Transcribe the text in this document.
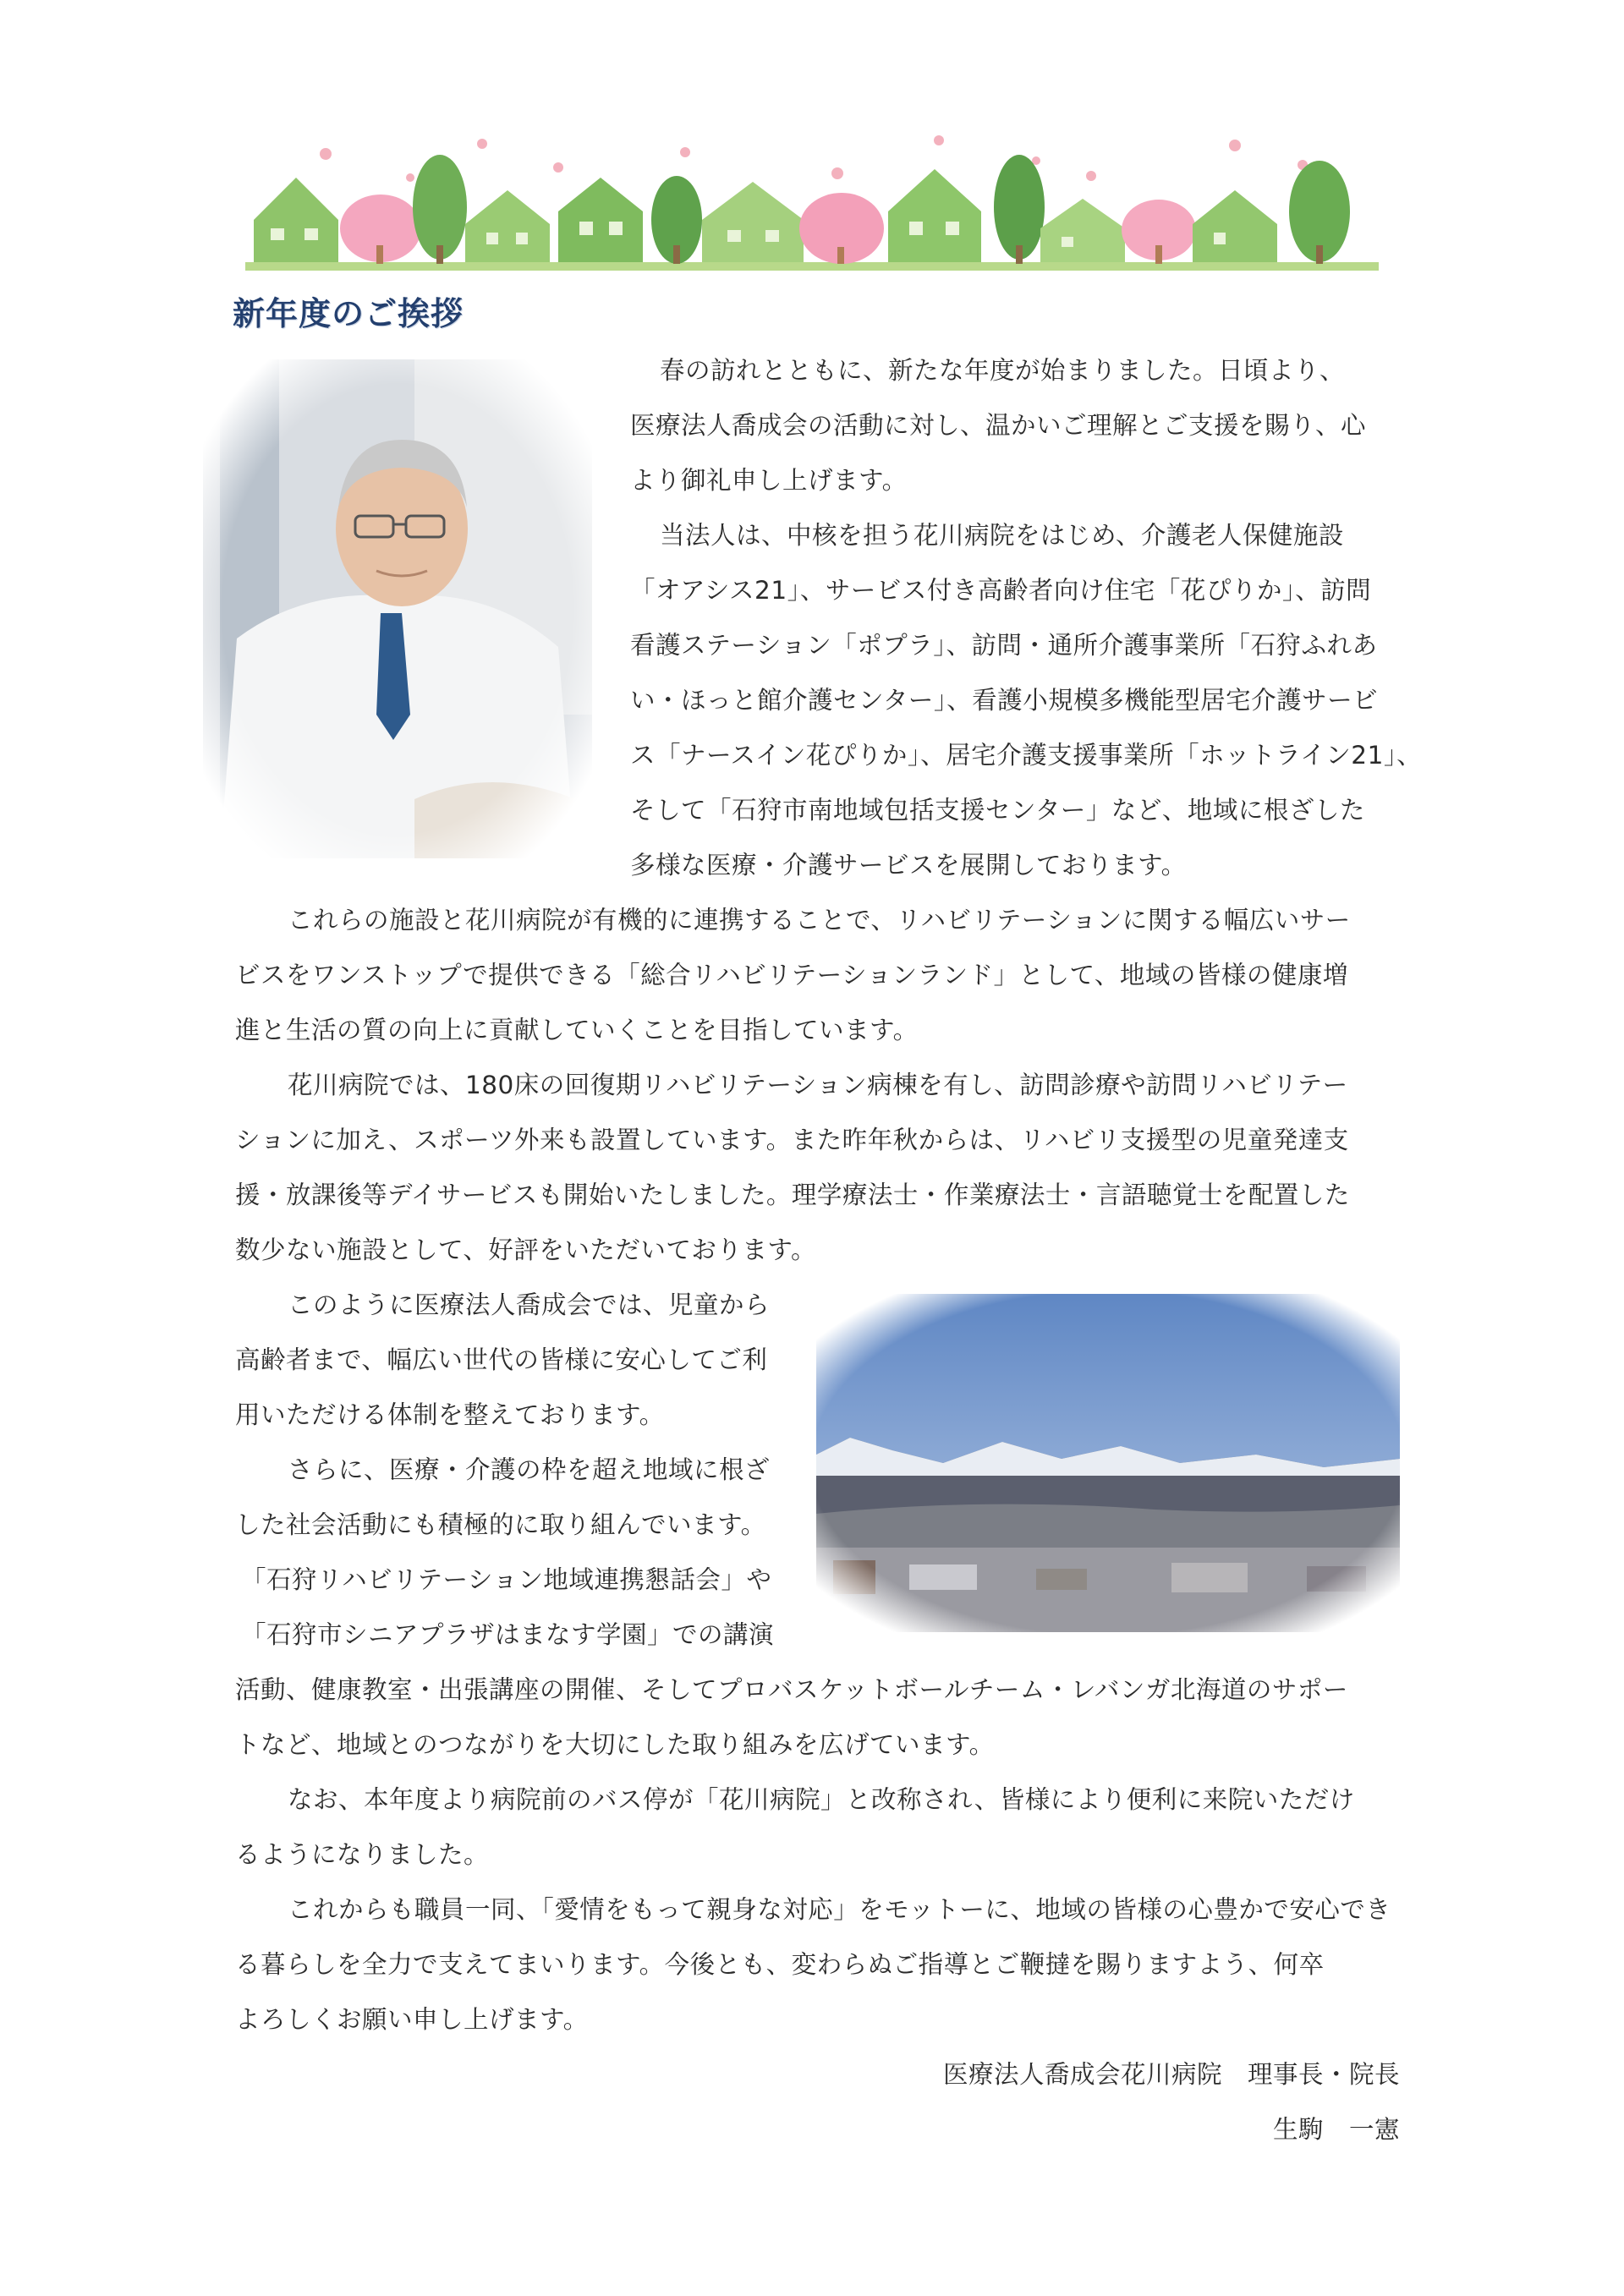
新年度のご挨拶
春の訪れとともに、新たな年度が始まりました。日頃より、
医療法人喬成会の活動に対し、温かいご理解とご支援を賜り、心
より御礼申し上げます。
当法人は、中核を担う花川病院をはじめ、介護老人保健施設
「オアシス21」、サービス付き高齢者向け住宅「花ぴりか」、訪問
看護ステーション「ポプラ」、訪問・通所介護事業所「石狩ふれあ
い・ほっと館介護センター」、看護小規模多機能型居宅介護サービ
ス「ナースイン花ぴりか」、居宅介護支援事業所「ホットライン21」、
そして「石狩市南地域包括支援センター」など、地域に根ざした
多様な医療・介護サービスを展開しております。
これらの施設と花川病院が有機的に連携することで、リハビリテーションに関する幅広いサー
ビスをワンストップで提供できる「総合リハビリテーションランド」として、地域の皆様の健康増
進と生活の質の向上に貢献していくことを目指しています。
花川病院では、180床の回復期リハビリテーション病棟を有し、訪問診療や訪問リハビリテー
ションに加え、スポーツ外来も設置しています。また昨年秋からは、リハビリ支援型の児童発達支
援・放課後等デイサービスも開始いたしました。理学療法士・作業療法士・言語聴覚士を配置した
数少ない施設として、好評をいただいております。
このように医療法人喬成会では、児童から
高齢者まで、幅広い世代の皆様に安心してご利
用いただける体制を整えております。
さらに、医療・介護の枠を超え地域に根ざ
した社会活動にも積極的に取り組んでいます。
「石狩リハビリテーション地域連携懇話会」や
「石狩市シニアプラザはまなす学園」での講演
活動、健康教室・出張講座の開催、そしてプロバスケットボールチーム・レバンガ北海道のサポー
トなど、地域とのつながりを大切にした取り組みを広げています。
なお、本年度より病院前のバス停が「花川病院」と改称され、皆様により便利に来院いただけ
るようになりました。
これからも職員一同、「愛情をもって親身な対応」をモットーに、地域の皆様の心豊かで安心でき
る暮らしを全力で支えてまいります。今後とも、変わらぬご指導とご鞭撻を賜りますよう、何卒
よろしくお願い申し上げます。
医療法人喬成会花川病院　理事長・院長
生駒　一憲
